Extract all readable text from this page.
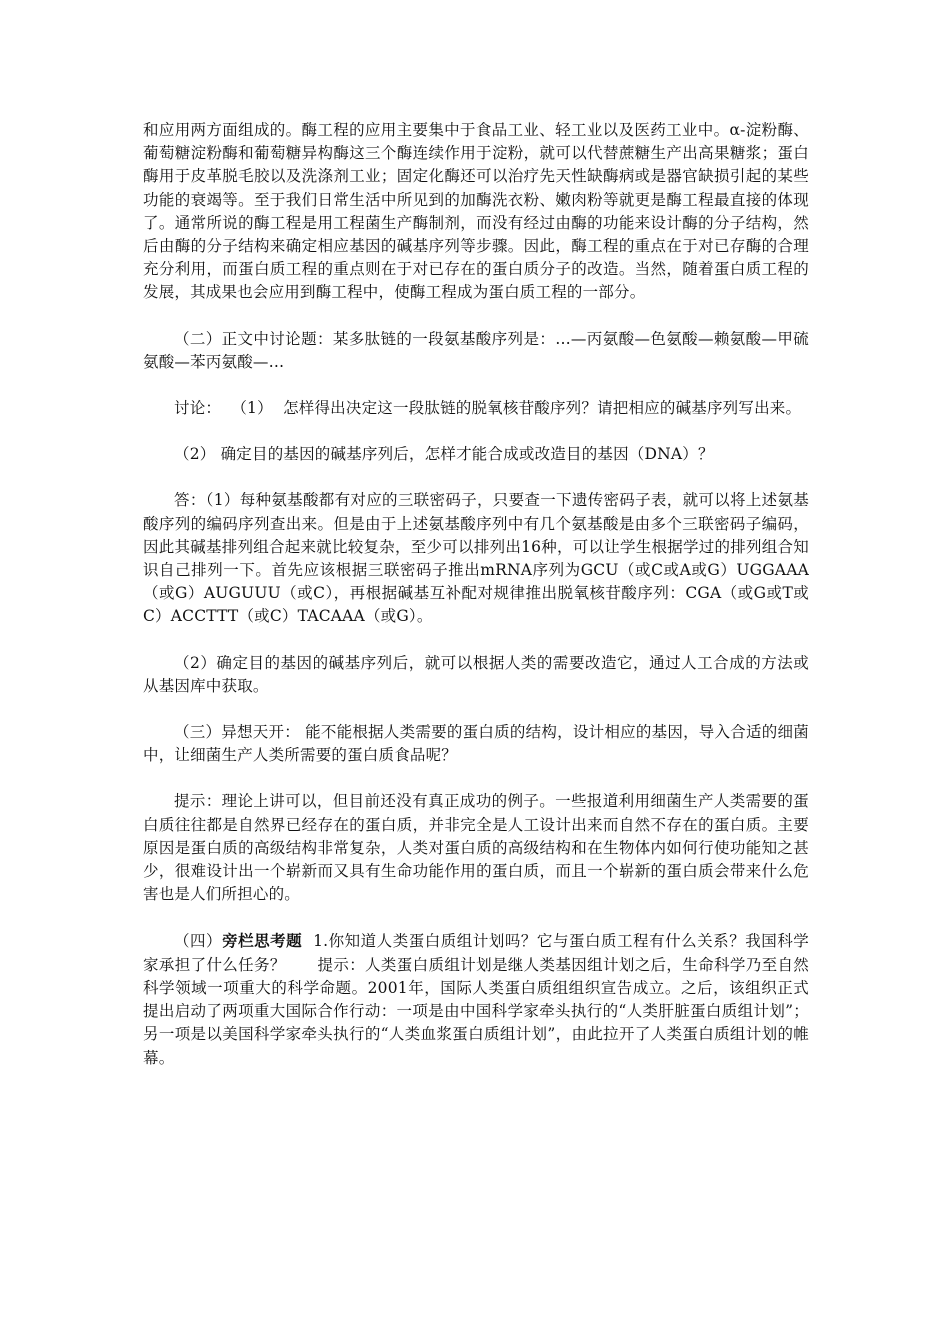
和应用两方面组成的。酶工程的应用主要集中于食品工业、轻工业以及医药工业中。α-淀粉酶、葡萄糖淀粉酶和葡萄糖异构酶这三个酶连续作用于淀粉，就可以代替蔗糖生产出高果糖浆；蛋白酶用于皮革脱毛胶以及洗涤剂工业；固定化酶还可以治疗先天性缺酶病或是器官缺损引起的某些功能的衰竭等。至于我们日常生活中所见到的加酶洗衣粉、嫩肉粉等就更是酶工程最直接的体现了。通常所说的酶工程是用工程菌生产酶制剂，而没有经过由酶的功能来设计酶的分子结构，然后由酶的分子结构来确定相应基因的碱基序列等步骤。因此，酶工程的重点在于对已存酶的合理充分利用，而蛋白质工程的重点则在于对已存在的蛋白质分子的改造。当然，随着蛋白质工程的发展，其成果也会应用到酶工程中，使酶工程成为蛋白质工程的一部分。

（二）正文中讨论题：某多肽链的一段氨基酸序列是：…—丙氨酸—色氨酸—赖氨酸—甲硫氨酸—苯丙氨酸—…

讨论：  （1）  怎样得出决定这一段肽链的脱氧核苷酸序列？请把相应的碱基序列写出来。

（2） 确定目的基因的碱基序列后，怎样才能合成或改造目的基因（DNA）？

答：（1）每种氨基酸都有对应的三联密码子，只要查一下遗传密码子表，就可以将上述氨基酸序列的编码序列查出来。但是由于上述氨基酸序列中有几个氨基酸是由多个三联密码子编码，因此其碱基排列组合起来就比较复杂，至少可以排列出16种，可以让学生根据学过的排列组合知识自己排列一下。首先应该根据三联密码子推出mRNA序列为GCU（或C或A或G）UGGAAA（或G）AUGUUU（或C），再根据碱基互补配对规律推出脱氧核苷酸序列：CGA（或G或T或C）ACCTTT（或C）TACAAA（或G）。

（2）确定目的基因的碱基序列后，就可以根据人类的需要改造它，通过人工合成的方法或从基因库中获取。

（三）异想天开： 能不能根据人类需要的蛋白质的结构，设计相应的基因，导入合适的细菌中，让细菌生产人类所需要的蛋白质食品呢？

提示：理论上讲可以，但目前还没有真正成功的例子。一些报道利用细菌生产人类需要的蛋白质往往都是自然界已经存在的蛋白质，并非完全是人工设计出来而自然不存在的蛋白质。主要原因是蛋白质的高级结构非常复杂，人类对蛋白质的高级结构和在生物体内如何行使功能知之甚少，很难设计出一个崭新而又具有生命功能作用的蛋白质，而且一个崭新的蛋白质会带来什么危害也是人们所担心的。

（四）旁栏思考题  1.你知道人类蛋白质组计划吗？它与蛋白质工程有什么关系？我国科学家承担了什么任务？      提示：人类蛋白质组计划是继人类基因组计划之后，生命科学乃至自然科学领域一项重大的科学命题。2001年，国际人类蛋白质组组织宣告成立。之后，该组织正式提出启动了两项重大国际合作行动：一项是由中国科学家牵头执行的“人类肝脏蛋白质组计划”；另一项是以美国科学家牵头执行的“人类血浆蛋白质组计划”，由此拉开了人类蛋白质组计划的帷幕。
